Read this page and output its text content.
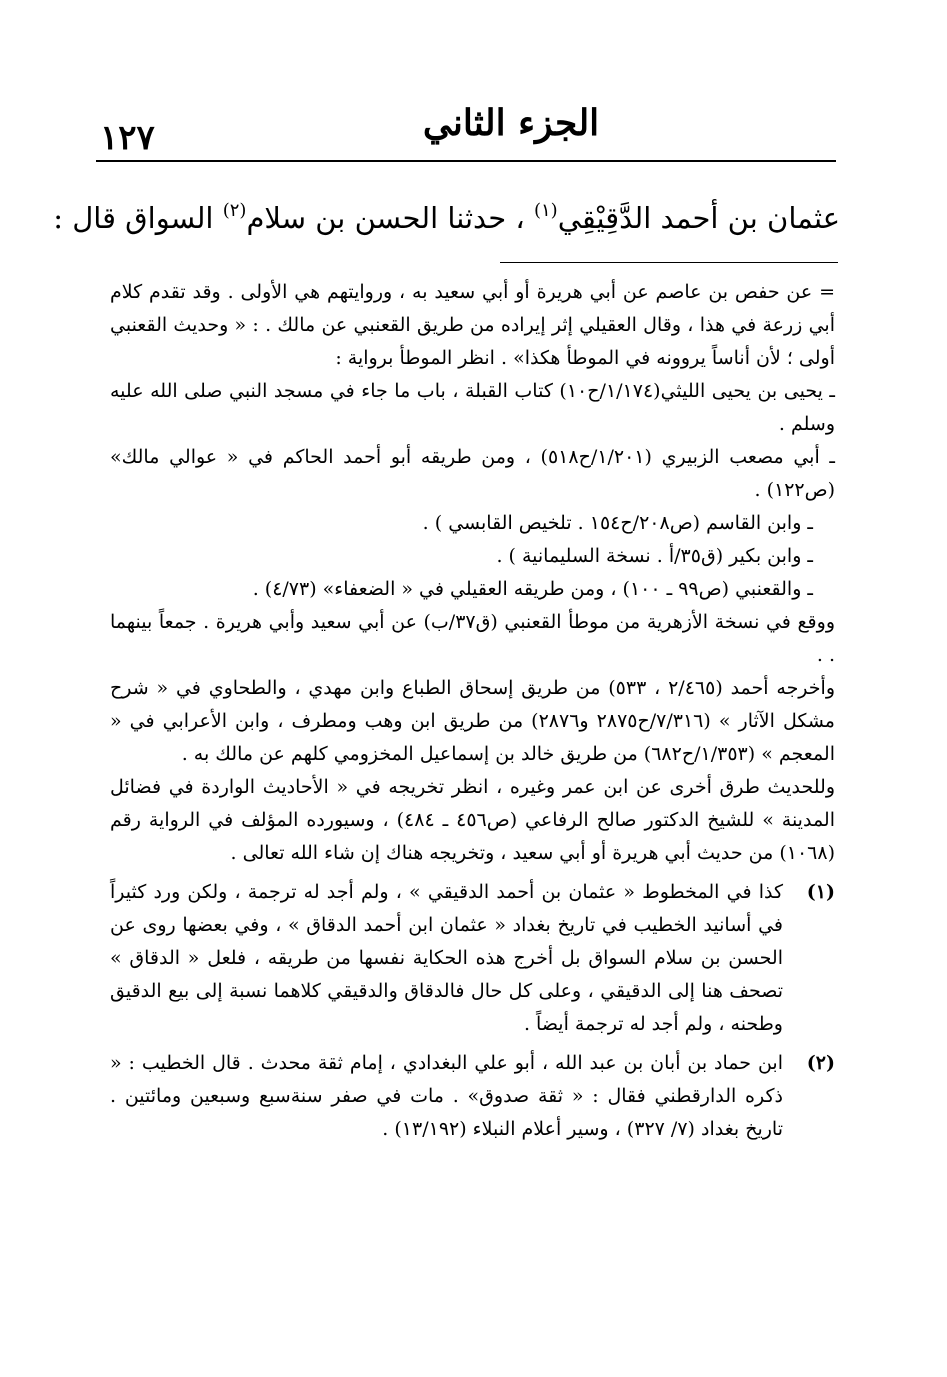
١٢٧	الجزء الثاني
عثمان بن أحمد الدَّقِيْقِي$^{(١)}$ ، حدثنا الحسن بن سلام$^{(٢)}$ السواق قال :

= عن حفص بن عاصم عن أبي هريرة أو أبي سعيد به ، وروايتهم هي الأولى . وقد تقدم كلام أبي زرعة في هذا ، وقال العقيلي إثر إيراده من طريق القعنبي عن مالك . : « وحديث القعنبي أولى ؛ لأن أناساً يروونه في الموطأ هكذا» . انظر الموطأ برواية :

ـ يحيى بن يحيى الليثي(١/١٧٤/ح١٠) كتاب القبلة ، باب ما جاء في مسجد النبي صلى الله عليه وسلم .

ـ أبي مصعب الزبيري (١/٢٠١/ح٥١٨) ، ومن طريقه أبو أحمد الحاكم في « عوالي مالك» (ص١٢٢) .

ـ وابن القاسم (ص٢٠٨/ح١٥٤ . تلخيص القابسي ) .

ـ وابن بكير (ق٣٥/أ . نسخة السليمانية ) .

ـ والقعنبي (ص٩٩ ـ ١٠٠) ، ومن طريقه العقيلي في « الضعفاء» (٤/٧٣) .

ووقع في نسخة الأزهرية من موطأ القعنبي (ق٣٧/ب) عن أبي سعيد وأبي هريرة . جمعاً بينهما . .

وأخرجه أحمد (٢/٤٦٥ ، ٥٣٣) من طريق إسحاق الطباع وابن مهدي ، والطحاوي في « شرح مشكل الآثار » (٧/٣١٦/ح٢٨٧٥ و٢٨٧٦) من طريق ابن وهب ومطرف ، وابن الأعرابي في « المعجم » (١/٣٥٣/ح٦٨٢) من طريق خالد بن إسماعيل المخزومي كلهم عن مالك به .

وللحديث طرق أخرى عن ابن عمر وغيره ، انظر تخريجه في « الأحاديث الواردة في فضائل المدينة » للشيخ الدكتور صالح الرفاعي (ص٤٥٦ ـ ٤٨٤) ، وسيورده المؤلف في الرواية رقم (١٠٦٨) من حديث أبي هريرة أو أبي سعيد ، وتخريجه هناك إن شاء الله تعالى .

(١)
كذا في المخطوط « عثمان بن أحمد الدقيقي » ، ولم أجد له ترجمة ، ولكن ورد كثيراً في أسانيد الخطيب في تاريخ بغداد « عثمان ابن أحمد الدقاق » ، وفي بعضها روى عن الحسن بن سلام السواق بل أخرج هذه الحكاية نفسها من طريقه ، فلعل « الدقاق » تصحف هنا إلى الدقيقي ، وعلى كل حال فالدقاق والدقيقي كلاهما نسبة إلى بيع الدقيق وطحنه ، ولم أجد له ترجمة أيضاً .

(٢)
ابن حماد بن أبان بن عبد الله ، أبو علي البغدادي ، إمام ثقة محدث . قال الخطيب : « ذكره الدارقطني فقال : « ثقة صدوق» . مات في صفر سنةسبع وسبعين ومائتين . تاريخ بغداد (٧/ ٣٢٧) ، وسير أعلام النبلاء (١٣/١٩٢) .
